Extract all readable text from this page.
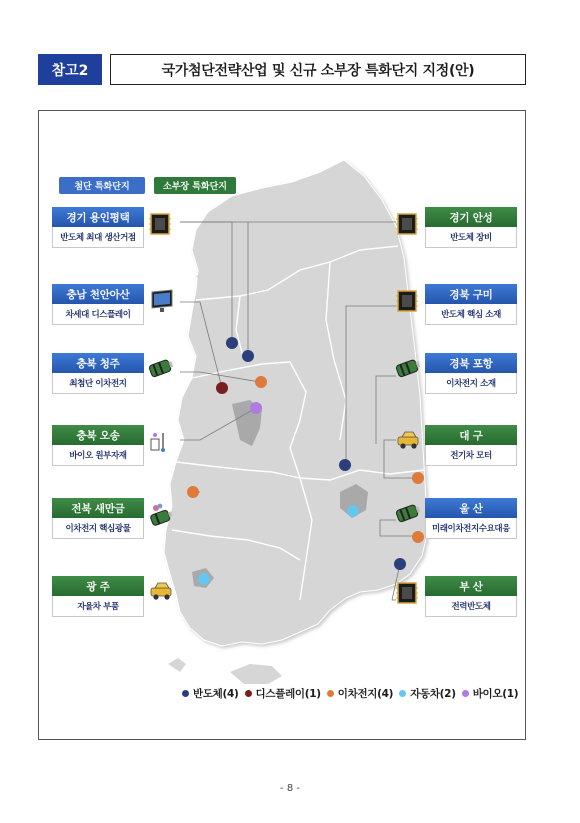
참고2	국가첨단전략산업 및 신규 소부장 특화단지 지정(안)
첨단 특화단지	소부장 특화단지
경기 용인평택
반도체 최대 생산거점
충남 천안아산
차세대 디스플레이
충북 청주
최첨단 이차전지
충북 오송
바이오 원부자재
전북 새만금
이차전지 핵심광물
광 주
자율차 부품
경기 안성
반도체 장비
경북 구미
반도체 핵심 소재
경북 포항
이차전지 소재
대 구
전기차 모터
울 산
미래이차전지수요대응
부 산
전력반도체
반도체(4) 디스플레이(1) 이차전지(4) 자동차(2) 바이오(1)
- 8 -
